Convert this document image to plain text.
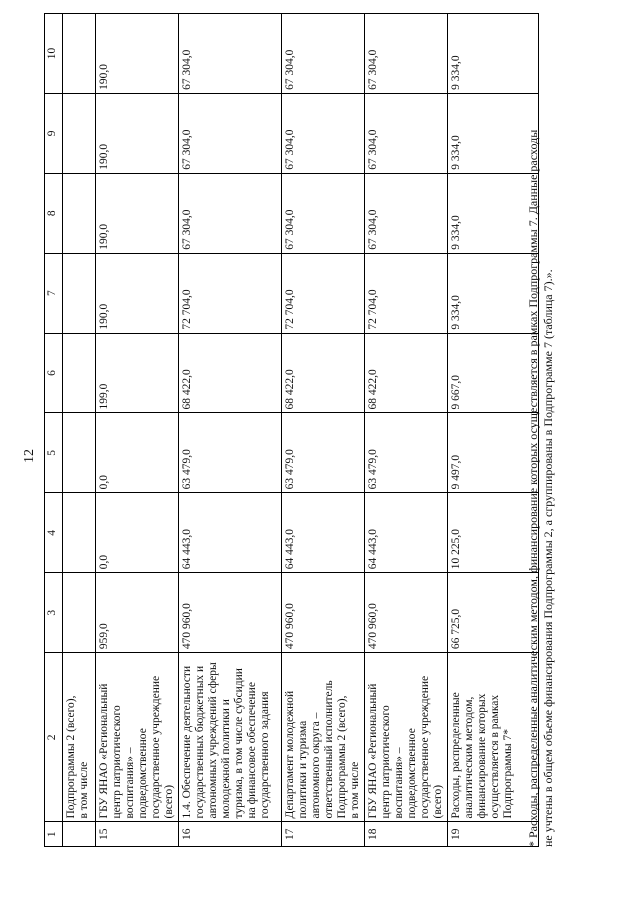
12
1	2	3	4	5	6	7	8	9	10
	Подпрограммы 2 (всего),
в том числе								
15	ГБУ ЯНАО «Региональный центр патриотического воспитания» – подведомственное государственное учреждение (всего)	959,0	0,0	0,0	199,0	190,0	190,0	190,0	190,0
16	1.4. Обеспечение деятельности государственных бюджетных и автономных учреждений сферы молодежной политики и туризма, в том числе субсидии на финансовое обеспечение государственного задания	470 960,0	64 443,0	63 479,0	68 422,0	72 704,0	67 304,0	67 304,0	67 304,0
17	Департамент молодежной политики и туризма автономного округа – ответственный исполнитель Подпрограммы 2 (всего),
в том числе	470 960,0	64 443,0	63 479,0	68 422,0	72 704,0	67 304,0	67 304,0	67 304,0
18	ГБУ ЯНАО «Региональный центр патриотического воспитания» – подведомственное государственное учреждение (всего)	470 960,0	64 443,0	63 479,0	68 422,0	72 704,0	67 304,0	67 304,0	67 304,0
19	Расходы, распределенные аналитическим методом, финансирование которых осуществляется в рамках Подпрограммы 7*	66 725,0	10 225,0	9 497,0	9 667,0	9 334,0	9 334,0	9 334,0	9 334,0

* Расходы, распределенные аналитическим методом, финансирование которых осуществляется в рамках Подпрограммы 7. Данные расходы не учтены в общем объеме финансирования Подпрограммы 2, а сгруппированы в Подпрограмме 7 (таблица 7).».
